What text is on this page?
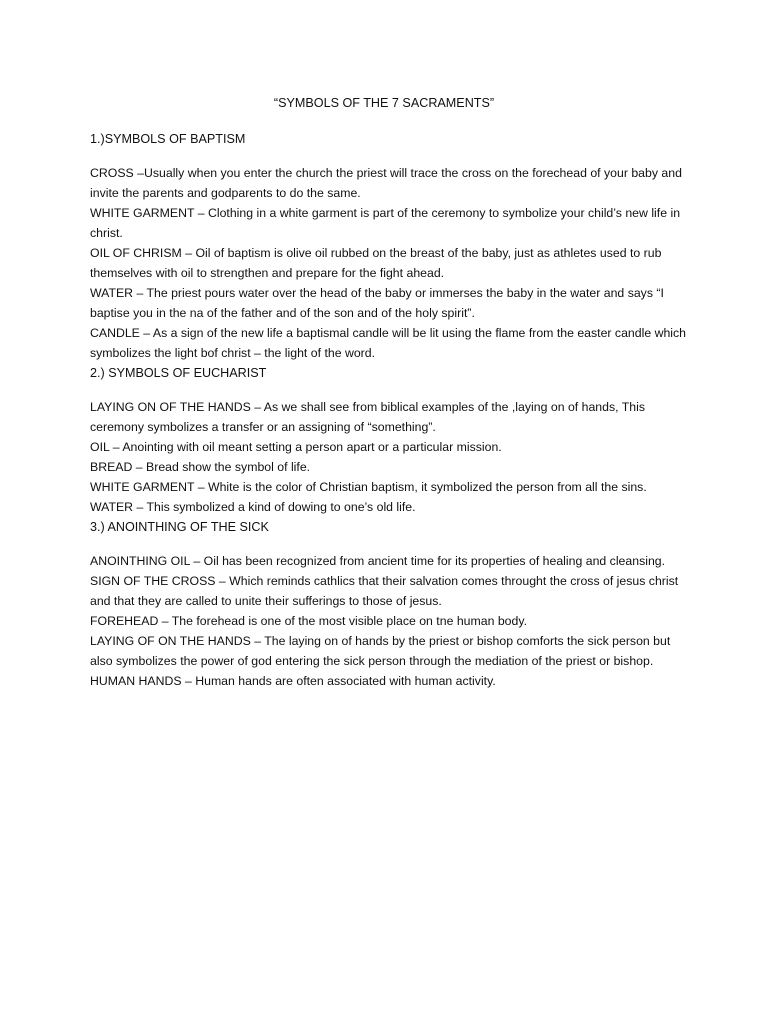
“SYMBOLS OF THE 7 SACRAMENTS”
1.)SYMBOLS OF BAPTISM

CROSS –Usually when you enter the church the priest will trace the cross on the forechead of your baby and invite the parents and godparents to do the same.

WHITE GARMENT – Clothing in a white garment is part of the ceremony to symbolize your child’s new life in christ.

OIL OF CHRISM – Oil of baptism is olive oil rubbed on the breast of the baby, just as athletes used to rub themselves with oil to strengthen and prepare for the fight ahead.

WATER – The priest pours water over the head of the baby or immerses the baby in the water and says “I baptise you in the na of the father and of the son and of the holy spirit”.

CANDLE – As a sign of the new life a baptismal candle will be lit using the flame from the easter candle which symbolizes the light bof christ – the light of the word.

2.) SYMBOLS OF EUCHARIST

LAYING ON OF THE HANDS – As we shall see from biblical examples of the ,laying on of hands, This ceremony symbolizes a transfer or an assigning of “something”.

OIL – Anointing with oil meant setting a person apart or a particular mission.

BREAD – Bread show the symbol of life.

WHITE GARMENT – White is the color of Christian baptism, it symbolized the person from all the sins.

WATER – This symbolized a kind of dowing to one’s old life.

3.) ANOINTHING OF THE SICK

ANOINTHING OIL – Oil has been recognized from ancient time for its properties of healing and cleansing.

SIGN OF THE CROSS – Which reminds cathlics that their salvation comes throught the cross of jesus christ and that they are called to unite their sufferings to those of jesus.

FOREHEAD – The forehead is one of the most visible place on tne human body.

LAYING OF ON THE HANDS – The laying on of hands by the priest or bishop comforts the sick person but also symbolizes the power of god entering the sick person through the mediation of the priest or bishop.

HUMAN HANDS – Human hands are often associated with human activity.
